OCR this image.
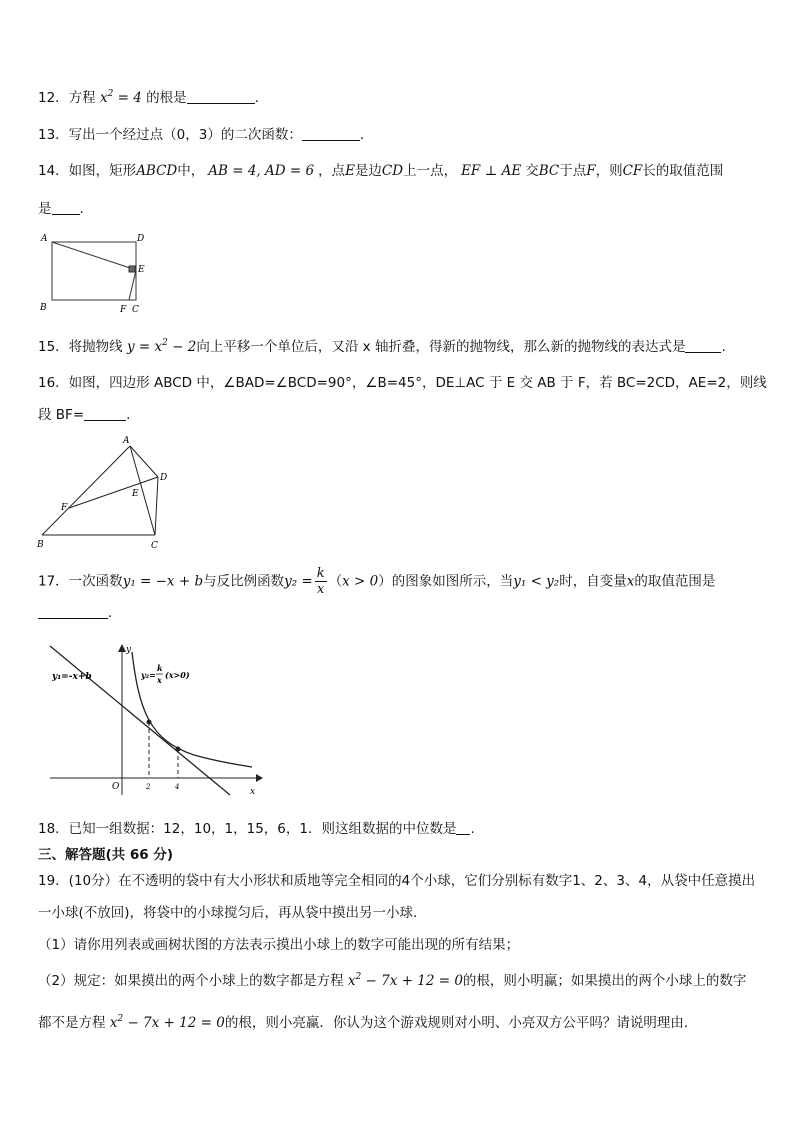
12．方程 $x^2 = 4$ 的根是	.
13．写出一个经过点（0，3）的二次函数：	.
14．如图，矩形ABCD中， AB = 4, AD = 6 ，点E是边CD上一点， EF ⊥ AE 交BC于点F，则CF长的取值范围
是 .
A	D
E
B	F C
15．将抛物线 $y = x^2 - 2$向上平移一个单位后，又沿 x 轴折叠，得新的抛物线，那么新的抛物线的表达式是	.
16．如图，四边形 ABCD 中，∠BAD=∠BCD=90°，∠B=45°，DE⊥AC 于 E 交 AB 于 F，若 BC=2CD，AE=2，则线
段 BF=	.
A
D
E
F
B	C
17．一次函数y₁ = −x + b与反比例函数$y_2 = \frac{k}{x} (x > 0)$的图象如图所示，当y₁ < y₂时，自变量x的取值范围是
.
y₁=-x+b	y₂=
k
x (x>0)
y
x
O	2	4
18．已知一组数据：12，10，1，15，6，1．则这组数据的中位数是 .
三、解答题(共 66 分)
19．(10分）在不透明的袋中有大小形状和质地等完全相同的4个小球，它们分别标有数字1、2、3、4，从袋中任意摸出
一小球(不放回)，将袋中的小球搅匀后，再从袋中摸出另一小球．
（1）请你用列表或画树状图的方法表示摸出小球上的数字可能出现的所有结果；
（2）规定：如果摸出的两个小球上的数字都是方程 $x^2 - 7x + 12 = 0$的根，则小明赢；如果摸出的两个小球上的数字
都不是方程 $x^2 - 7x + 12 = 0$的根，则小亮赢．你认为这个游戏规则对小明、小亮双方公平吗？请说明理由．
